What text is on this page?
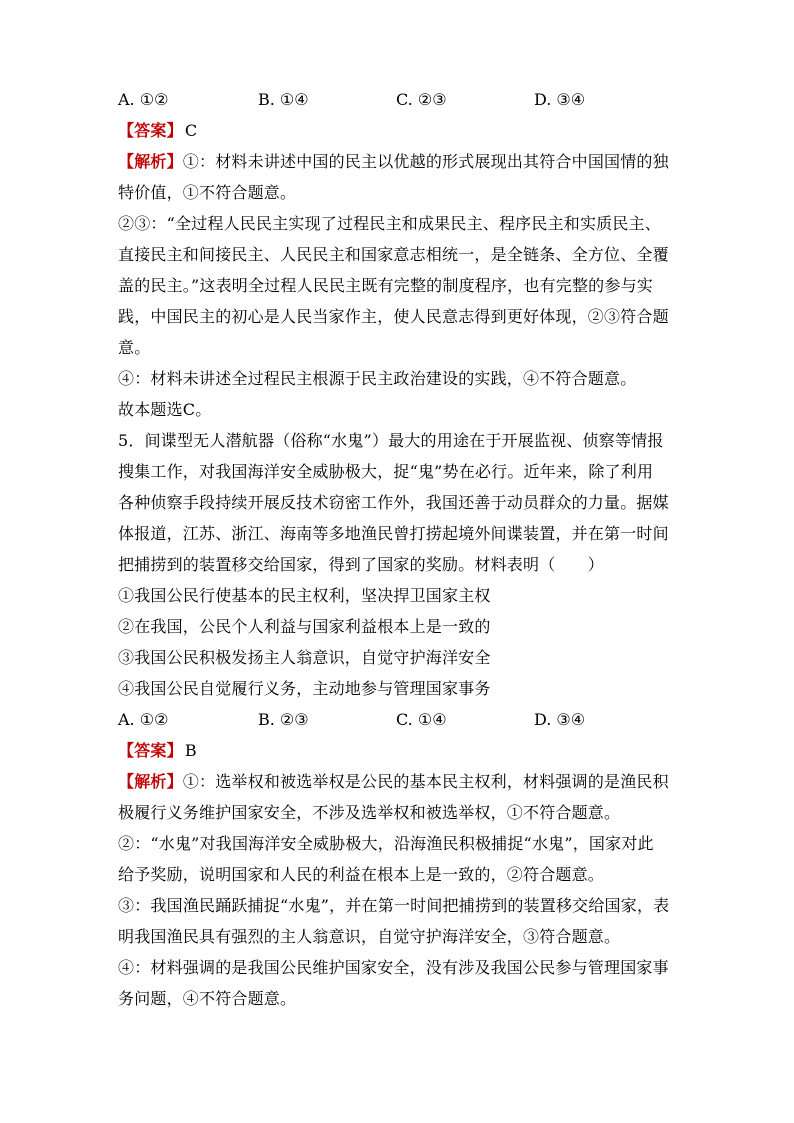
A. ①②	B. ①④	C. ②③	D. ③④
【答案】 C
【解析】①：材料未讲述中国的民主以优越的形式展现出其符合中国国情的独
特价值，①不符合题意。
②③：“全过程人民民主实现了过程民主和成果民主、程序民主和实质民主、
直接民主和间接民主、人民民主和国家意志相统一，是全链条、全方位、全覆
盖的民主。”这表明全过程人民民主既有完整的制度程序，也有完整的参与实
践，中国民主的初心是人民当家作主，使人民意志得到更好体现，②③符合题
意。
④：材料未讲述全过程民主根源于民主政治建设的实践，④不符合题意。
故本题选C。
5．间谍型无人潜航器（俗称“水鬼”）最大的用途在于开展监视、侦察等情报
搜集工作，对我国海洋安全威胁极大，捉“鬼”势在必行。近年来，除了利用
各种侦察手段持续开展反技术窃密工作外，我国还善于动员群众的力量。据媒
体报道，江苏、浙江、海南等多地渔民曾打捞起境外间谍装置，并在第一时间
把捕捞到的装置移交给国家，得到了国家的奖励。材料表明（　　）
①我国公民行使基本的民主权利，坚决捍卫国家主权
②在我国，公民个人利益与国家利益根本上是一致的
③我国公民积极发扬主人翁意识，自觉守护海洋安全
④我国公民自觉履行义务，主动地参与管理国家事务
A. ①②	B. ②③	C. ①④	D. ③④
【答案】 B
【解析】①：选举权和被选举权是公民的基本民主权利，材料强调的是渔民积
极履行义务维护国家安全，不涉及选举权和被选举权，①不符合题意。
②：“水鬼”对我国海洋安全威胁极大，沿海渔民积极捕捉“水鬼”，国家对此
给予奖励，说明国家和人民的利益在根本上是一致的，②符合题意。
③：我国渔民踊跃捕捉“水鬼”，并在第一时间把捕捞到的装置移交给国家，表
明我国渔民具有强烈的主人翁意识，自觉守护海洋安全，③符合题意。
④：材料强调的是我国公民维护国家安全，没有涉及我国公民参与管理国家事
务问题，④不符合题意。
